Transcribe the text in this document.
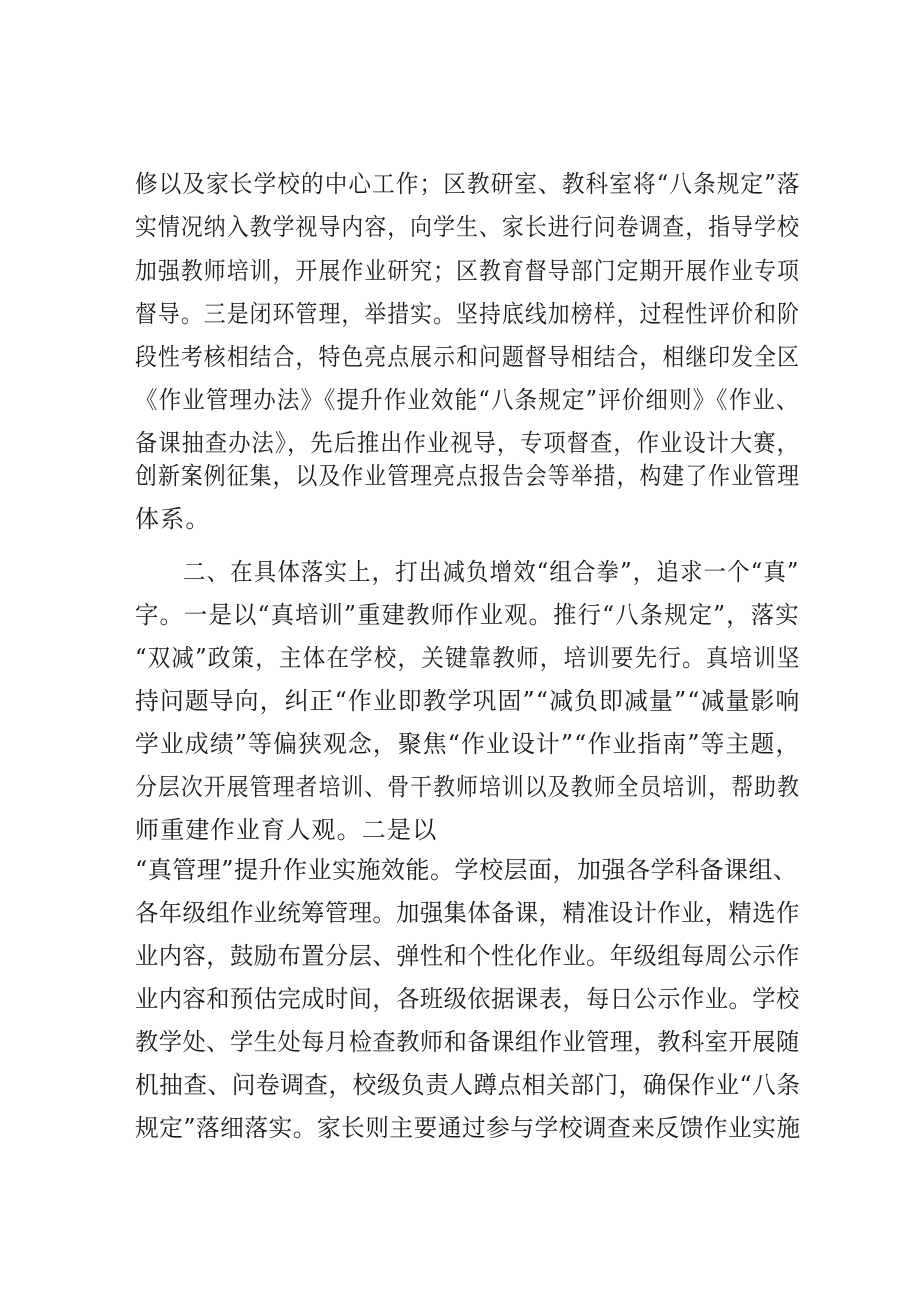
修以及家长学校的中心工作；区教研室、教科室将“八条规定”落
实情况纳入教学视导内容，向学生、家长进行问卷调查，指导学校
加强教师培训，开展作业研究；区教育督导部门定期开展作业专项
督导。三是闭环管理，举措实。坚持底线加榜样，过程性评价和阶
段性考核相结合，特色亮点展示和问题督导相结合，相继印发全区
《作业管理办法》《提升作业效能“八条规定”评价细则》《作业、
备课抽查办法》，先后推出作业视导，专项督查，作业设计大赛，
创新案例征集，以及作业管理亮点报告会等举措，构建了作业管理
体系。
二、在具体落实上，打出减负增效“组合拳”，追求一个“真”
字。一是以“真培训”重建教师作业观。推行“八条规定”，落实
“双减”政策，主体在学校，关键靠教师，培训要先行。真培训坚
持问题导向，纠正“作业即教学巩固”“减负即减量”“减量影响
学业成绩”等偏狭观念，聚焦“作业设计”“作业指南”等主题，
分层次开展管理者培训、骨干教师培训以及教师全员培训，帮助教
师重建作业育人观。二是以
“真管理”提升作业实施效能。学校层面，加强各学科备课组、
各年级组作业统筹管理。加强集体备课，精准设计作业，精选作
业内容，鼓励布置分层、弹性和个性化作业。年级组每周公示作
业内容和预估完成时间，各班级依据课表，每日公示作业。学校
教学处、学生处每月检查教师和备课组作业管理，教科室开展随
机抽查、问卷调查，校级负责人蹲点相关部门，确保作业“八条
规定”落细落实。家长则主要通过参与学校调查来反馈作业实施
